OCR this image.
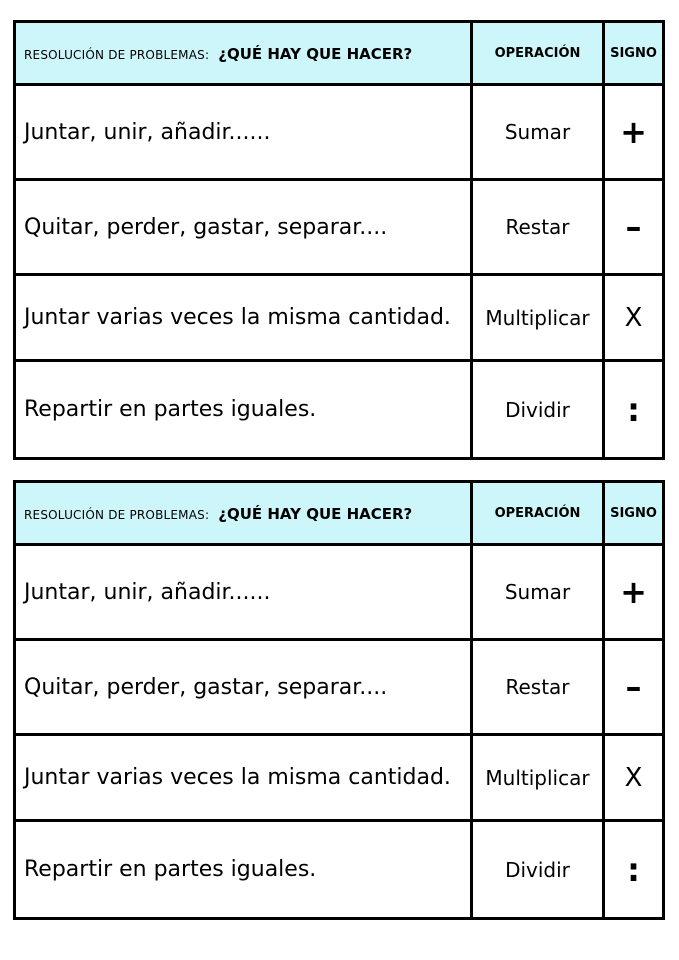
RESOLUCIÓN DE PROBLEMAS: ¿QUÉ HAY QUE HACER?	OPERACIÓN	SIGNO
Juntar, unir, añadir......	Sumar	+
Quitar, perder, gastar, separar....	Restar	–
Juntar varias veces la misma cantidad.	Multiplicar	X
Repartir en partes iguales.	Dividir	:
RESOLUCIÓN DE PROBLEMAS: ¿QUÉ HAY QUE HACER?	OPERACIÓN	SIGNO
Juntar, unir, añadir......	Sumar	+
Quitar, perder, gastar, separar....	Restar	–
Juntar varias veces la misma cantidad.	Multiplicar	X
Repartir en partes iguales.	Dividir	:
